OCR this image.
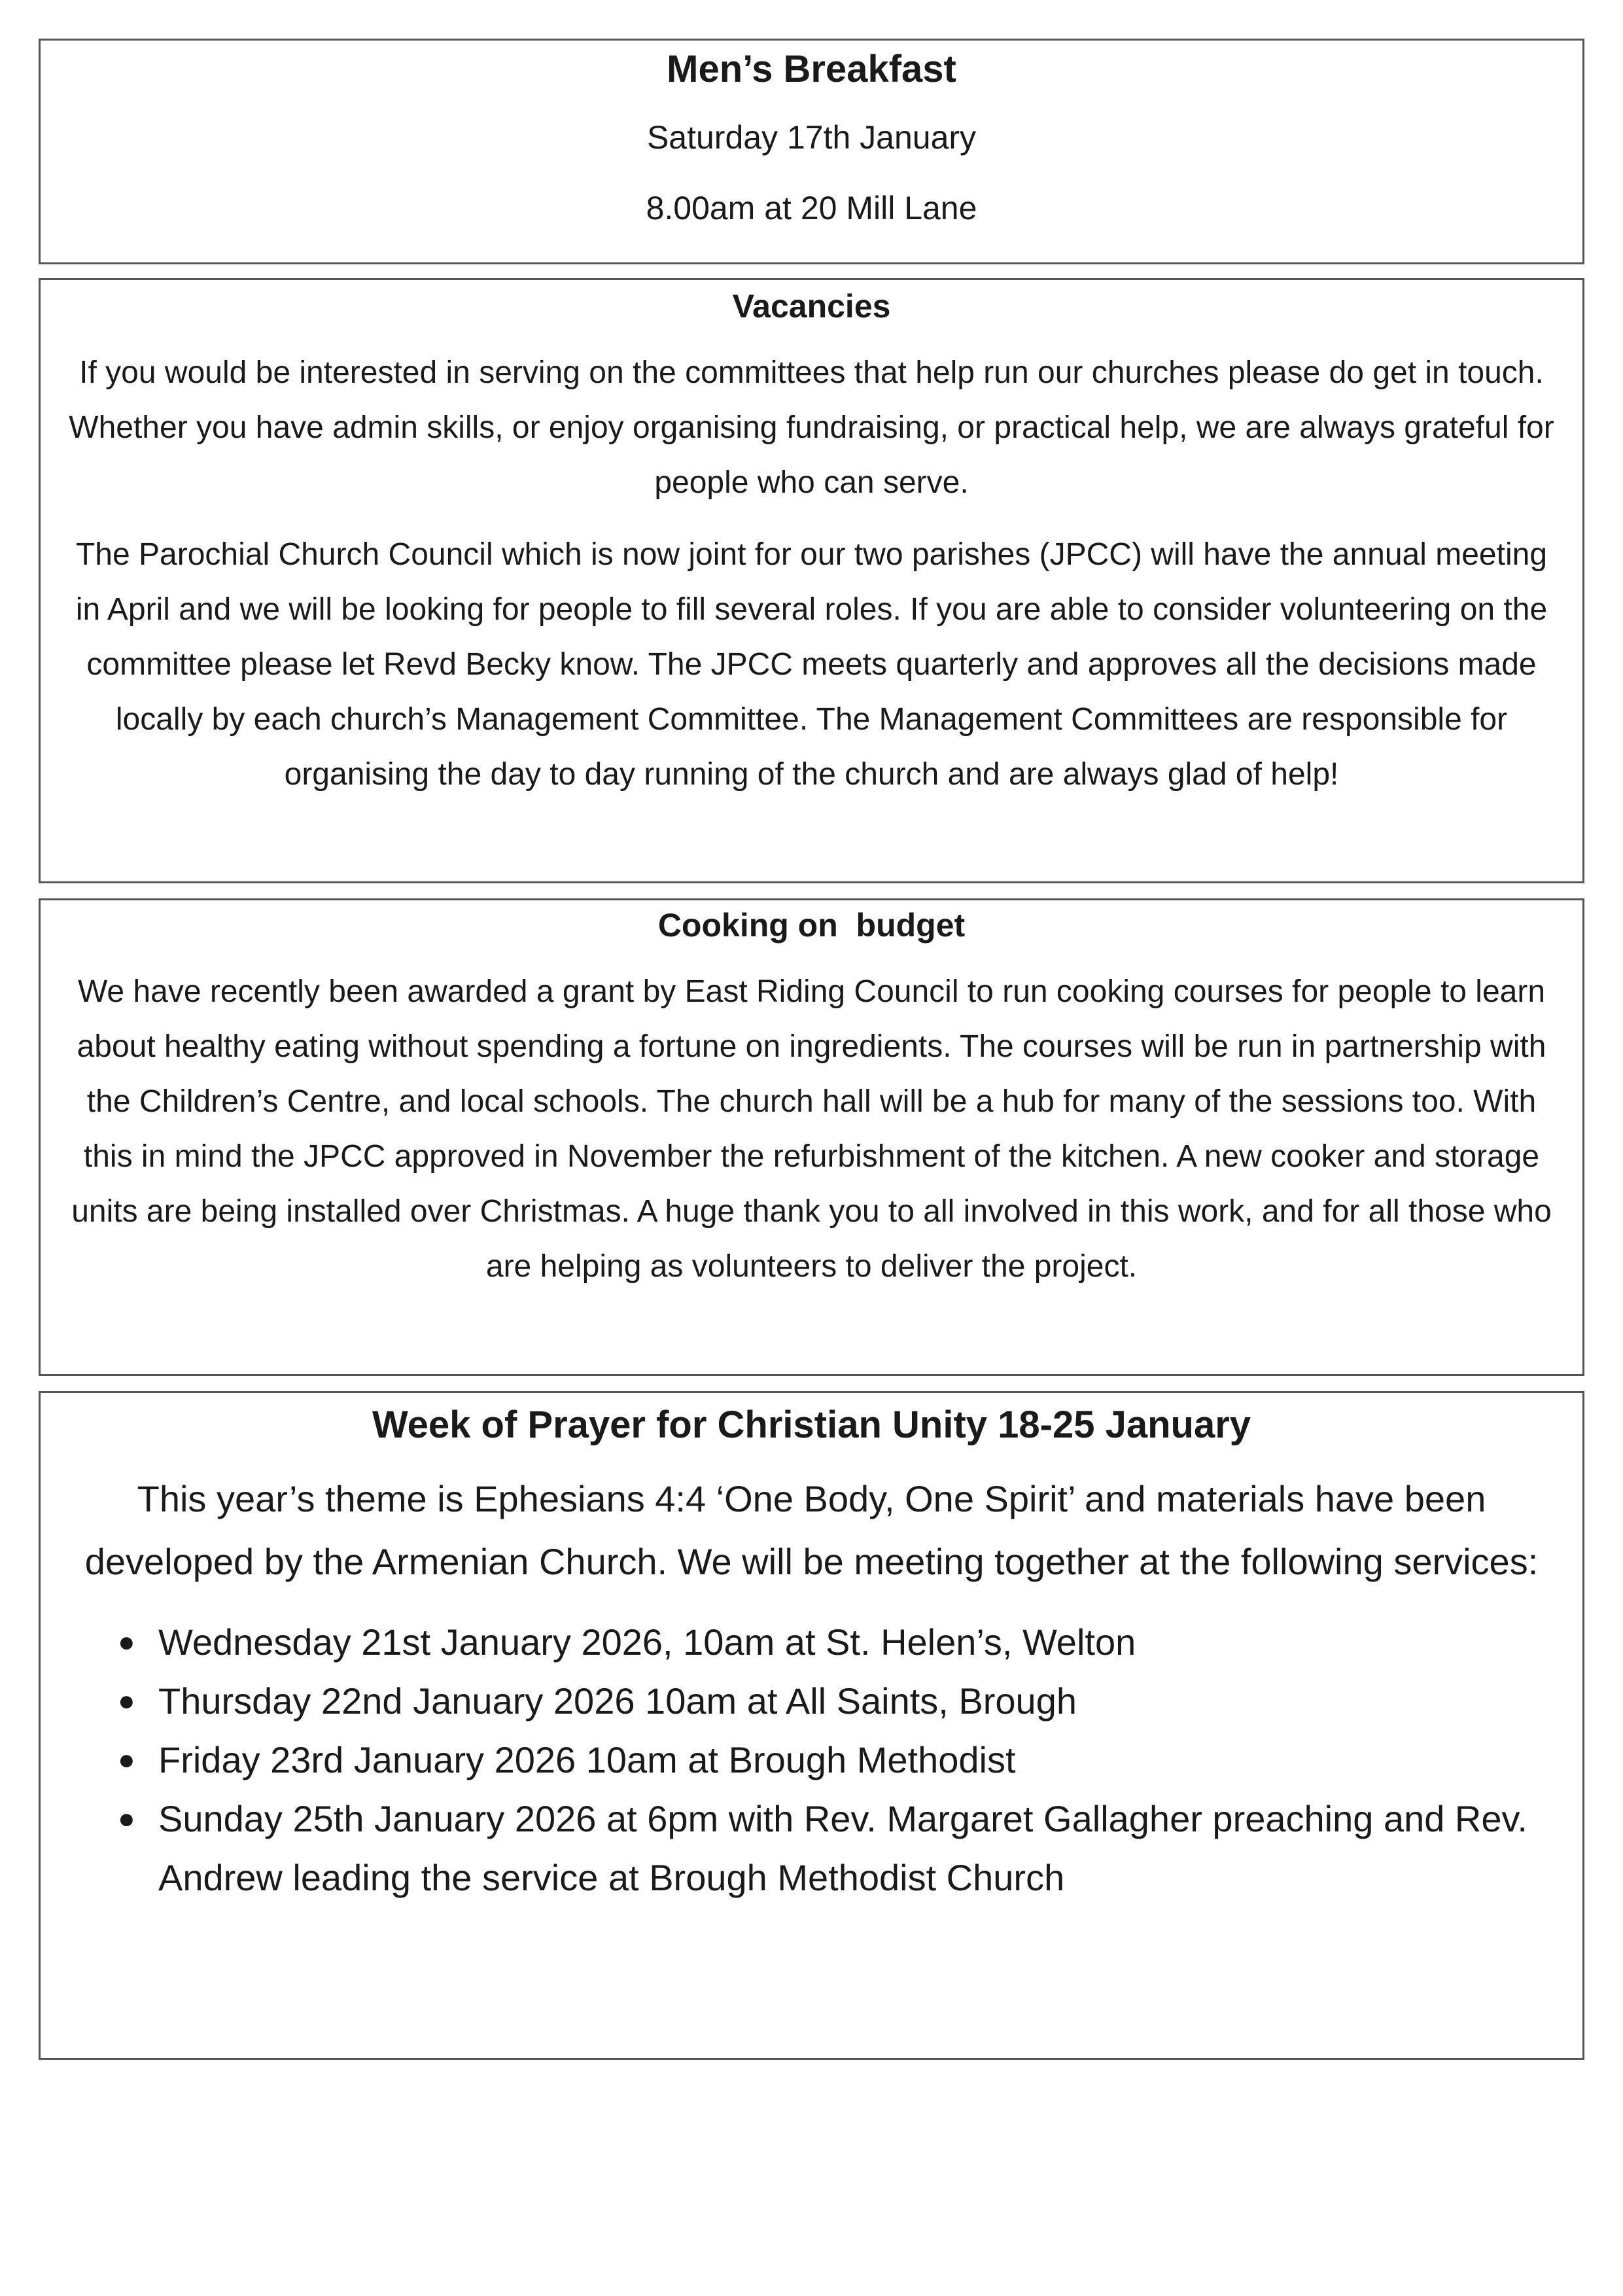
Men’s Breakfast

Saturday 17th January

8.00am at 20 Mill Lane

Vacancies

If you would be interested in serving on the committees that help run our churches please do get in touch. Whether you have admin skills, or enjoy organising fundraising, or practical help, we are always grateful for people who can serve.

The Parochial Church Council which is now joint for our two parishes (JPCC) will have the annual meeting in April and we will be looking for people to fill several roles. If you are able to consider volunteering on the committee please let Revd Becky know. The JPCC meets quarterly and approves all the decisions made locally by each church’s Management Committee. The Management Committees are responsible for organising the day to day running of the church and are always glad of help!

Cooking on  budget

We have recently been awarded a grant by East Riding Council to run cooking courses for people to learn about healthy eating without spending a fortune on ingredients. The courses will be run in partnership with the Children’s Centre, and local schools. The church hall will be a hub for many of the sessions too. With this in mind the JPCC approved in November the refurbishment of the kitchen. A new cooker and storage units are being installed over Christmas. A huge thank you to all involved in this work, and for all those who are helping as volunteers to deliver the project.

Week of Prayer for Christian Unity 18-25 January

This year’s theme is Ephesians 4:4 ‘One Body, One Spirit’ and materials have been developed by the Armenian Church. We will be meeting together at the following services:

● Wednesday 21st January 2026, 10am at St. Helen’s, Welton
● Thursday 22nd January 2026 10am at All Saints, Brough
● Friday 23rd January 2026 10am at Brough Methodist
● Sunday 25th January 2026 at 6pm with Rev. Margaret Gallagher preaching and Rev. Andrew leading the service at Brough Methodist Church
